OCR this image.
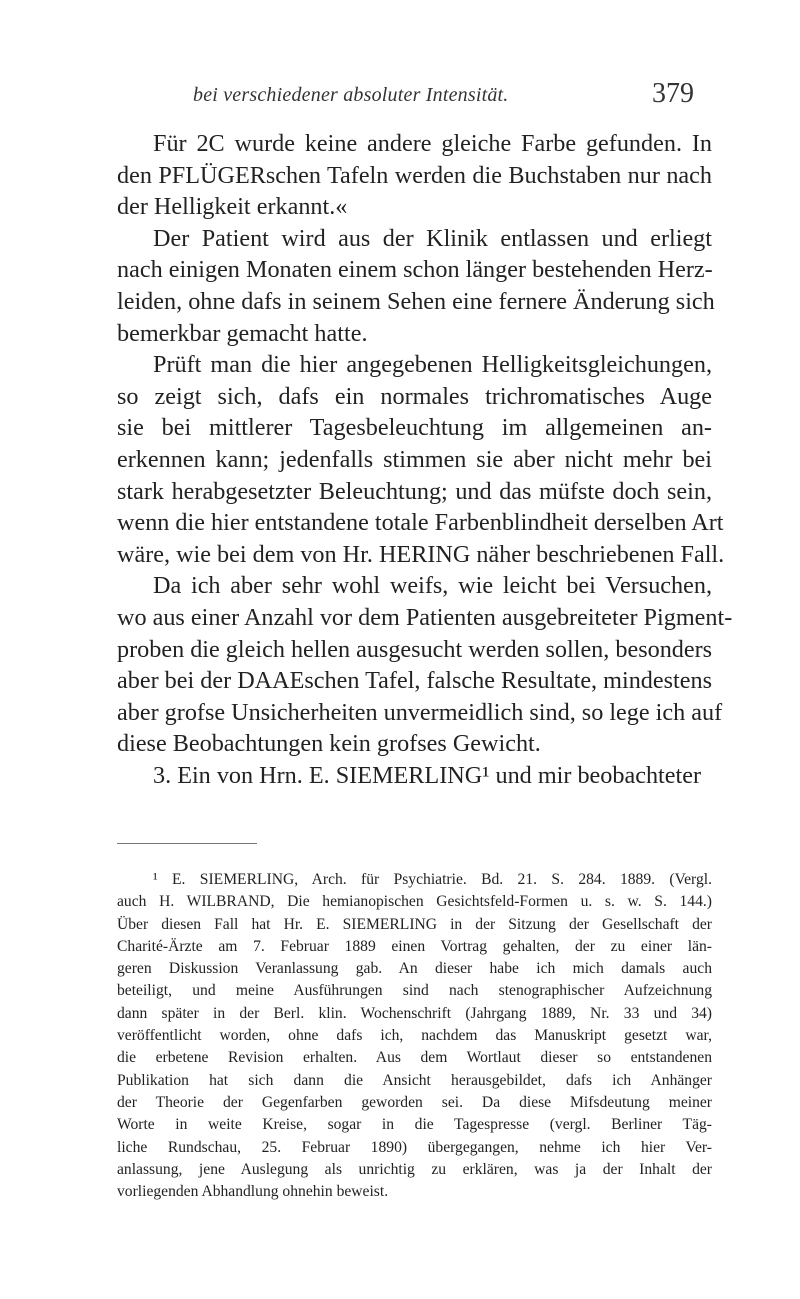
bei verschiedener absoluter Intensität.	379
Für 2C wurde keine andere gleiche Farbe gefunden. In
den PFLÜGERschen Tafeln werden die Buchstaben nur nach
der Helligkeit erkannt.«
Der Patient wird aus der Klinik entlassen und erliegt
nach einigen Monaten einem schon länger bestehenden Herz-
leiden, ohne dafs in seinem Sehen eine fernere Änderung sich
bemerkbar gemacht hatte.
Prüft man die hier angegebenen Helligkeitsgleichungen,
so zeigt sich, dafs ein normales trichromatisches Auge
sie bei mittlerer Tagesbeleuchtung im allgemeinen an-
erkennen kann; jedenfalls stimmen sie aber nicht mehr bei
stark herabgesetzter Beleuchtung; und das müfste doch sein,
wenn die hier entstandene totale Farbenblindheit derselben Art
wäre, wie bei dem von Hr. HERING näher beschriebenen Fall.
Da ich aber sehr wohl weifs, wie leicht bei Versuchen,
wo aus einer Anzahl vor dem Patienten ausgebreiteter Pigment-
proben die gleich hellen ausgesucht werden sollen, besonders
aber bei der DAAEschen Tafel, falsche Resultate, mindestens
aber grofse Unsicherheiten unvermeidlich sind, so lege ich auf
diese Beobachtungen kein grofses Gewicht.
3. Ein von Hrn. E. SIEMERLING¹ und mir beobachteter
¹ E. SIEMERLING, Arch. für Psychiatrie. Bd. 21. S. 284. 1889. (Vergl.
auch H. WILBRAND, Die hemianopischen Gesichtsfeld-Formen u. s. w. S. 144.)
Über diesen Fall hat Hr. E. SIEMERLING in der Sitzung der Gesellschaft der
Charité-Ärzte am 7. Februar 1889 einen Vortrag gehalten, der zu einer län-
geren Diskussion Veranlassung gab. An dieser habe ich mich damals auch
beteiligt, und meine Ausführungen sind nach stenographischer Aufzeichnung
dann später in der Berl. klin. Wochenschrift (Jahrgang 1889, Nr. 33 und 34)
veröffentlicht worden, ohne dafs ich, nachdem das Manuskript gesetzt war,
die erbetene Revision erhalten. Aus dem Wortlaut dieser so entstandenen
Publikation hat sich dann die Ansicht herausgebildet, dafs ich Anhänger
der Theorie der Gegenfarben geworden sei. Da diese Mifsdeutung meiner
Worte in weite Kreise, sogar in die Tagespresse (vergl. Berliner Täg-
liche Rundschau, 25. Februar 1890) übergegangen, nehme ich hier Ver-
anlassung, jene Auslegung als unrichtig zu erklären, was ja der Inhalt der
vorliegenden Abhandlung ohnehin beweist.
